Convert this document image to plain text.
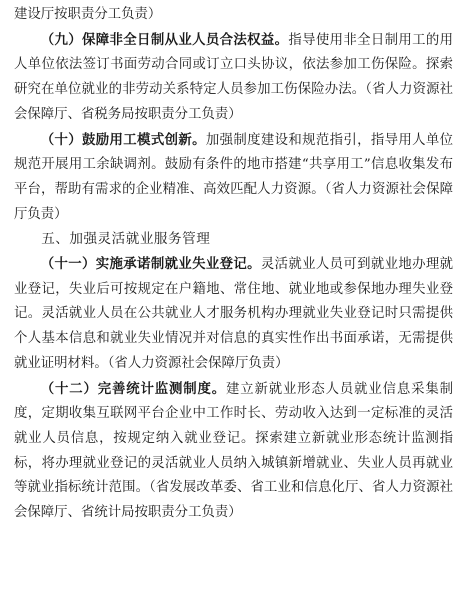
建设厅按职责分工负责）

（九）保障非全日制从业人员合法权益。指导使用非全日制用工的用人单位依法签订书面劳动合同或订立口头协议，依法参加工伤保险。探索研究在单位就业的非劳动关系特定人员参加工伤保险办法。（省人力资源社会保障厅、省税务局按职责分工负责）

（十）鼓励用工模式创新。加强制度建设和规范指引，指导用人单位规范开展用工余缺调剂。鼓励有条件的地市搭建“共享用工”信息收集发布平台，帮助有需求的企业精准、高效匹配人力资源。（省人力资源社会保障厅负责）

五、加强灵活就业服务管理

（十一）实施承诺制就业失业登记。灵活就业人员可到就业地办理就业登记，失业后可按规定在户籍地、常住地、就业地或参保地办理失业登记。灵活就业人员在公共就业人才服务机构办理就业失业登记时只需提供个人基本信息和就业失业情况并对信息的真实性作出书面承诺，无需提供就业证明材料。（省人力资源社会保障厅负责）

（十二）完善统计监测制度。建立新就业形态人员就业信息采集制度，定期收集互联网平台企业中工作时长、劳动收入达到一定标准的灵活就业人员信息，按规定纳入就业登记。探索建立新就业形态统计监测指标，将办理就业登记的灵活就业人员纳入城镇新增就业、失业人员再就业等就业指标统计范围。（省发展改革委、省工业和信息化厅、省人力资源社会保障厅、省统计局按职责分工负责）
